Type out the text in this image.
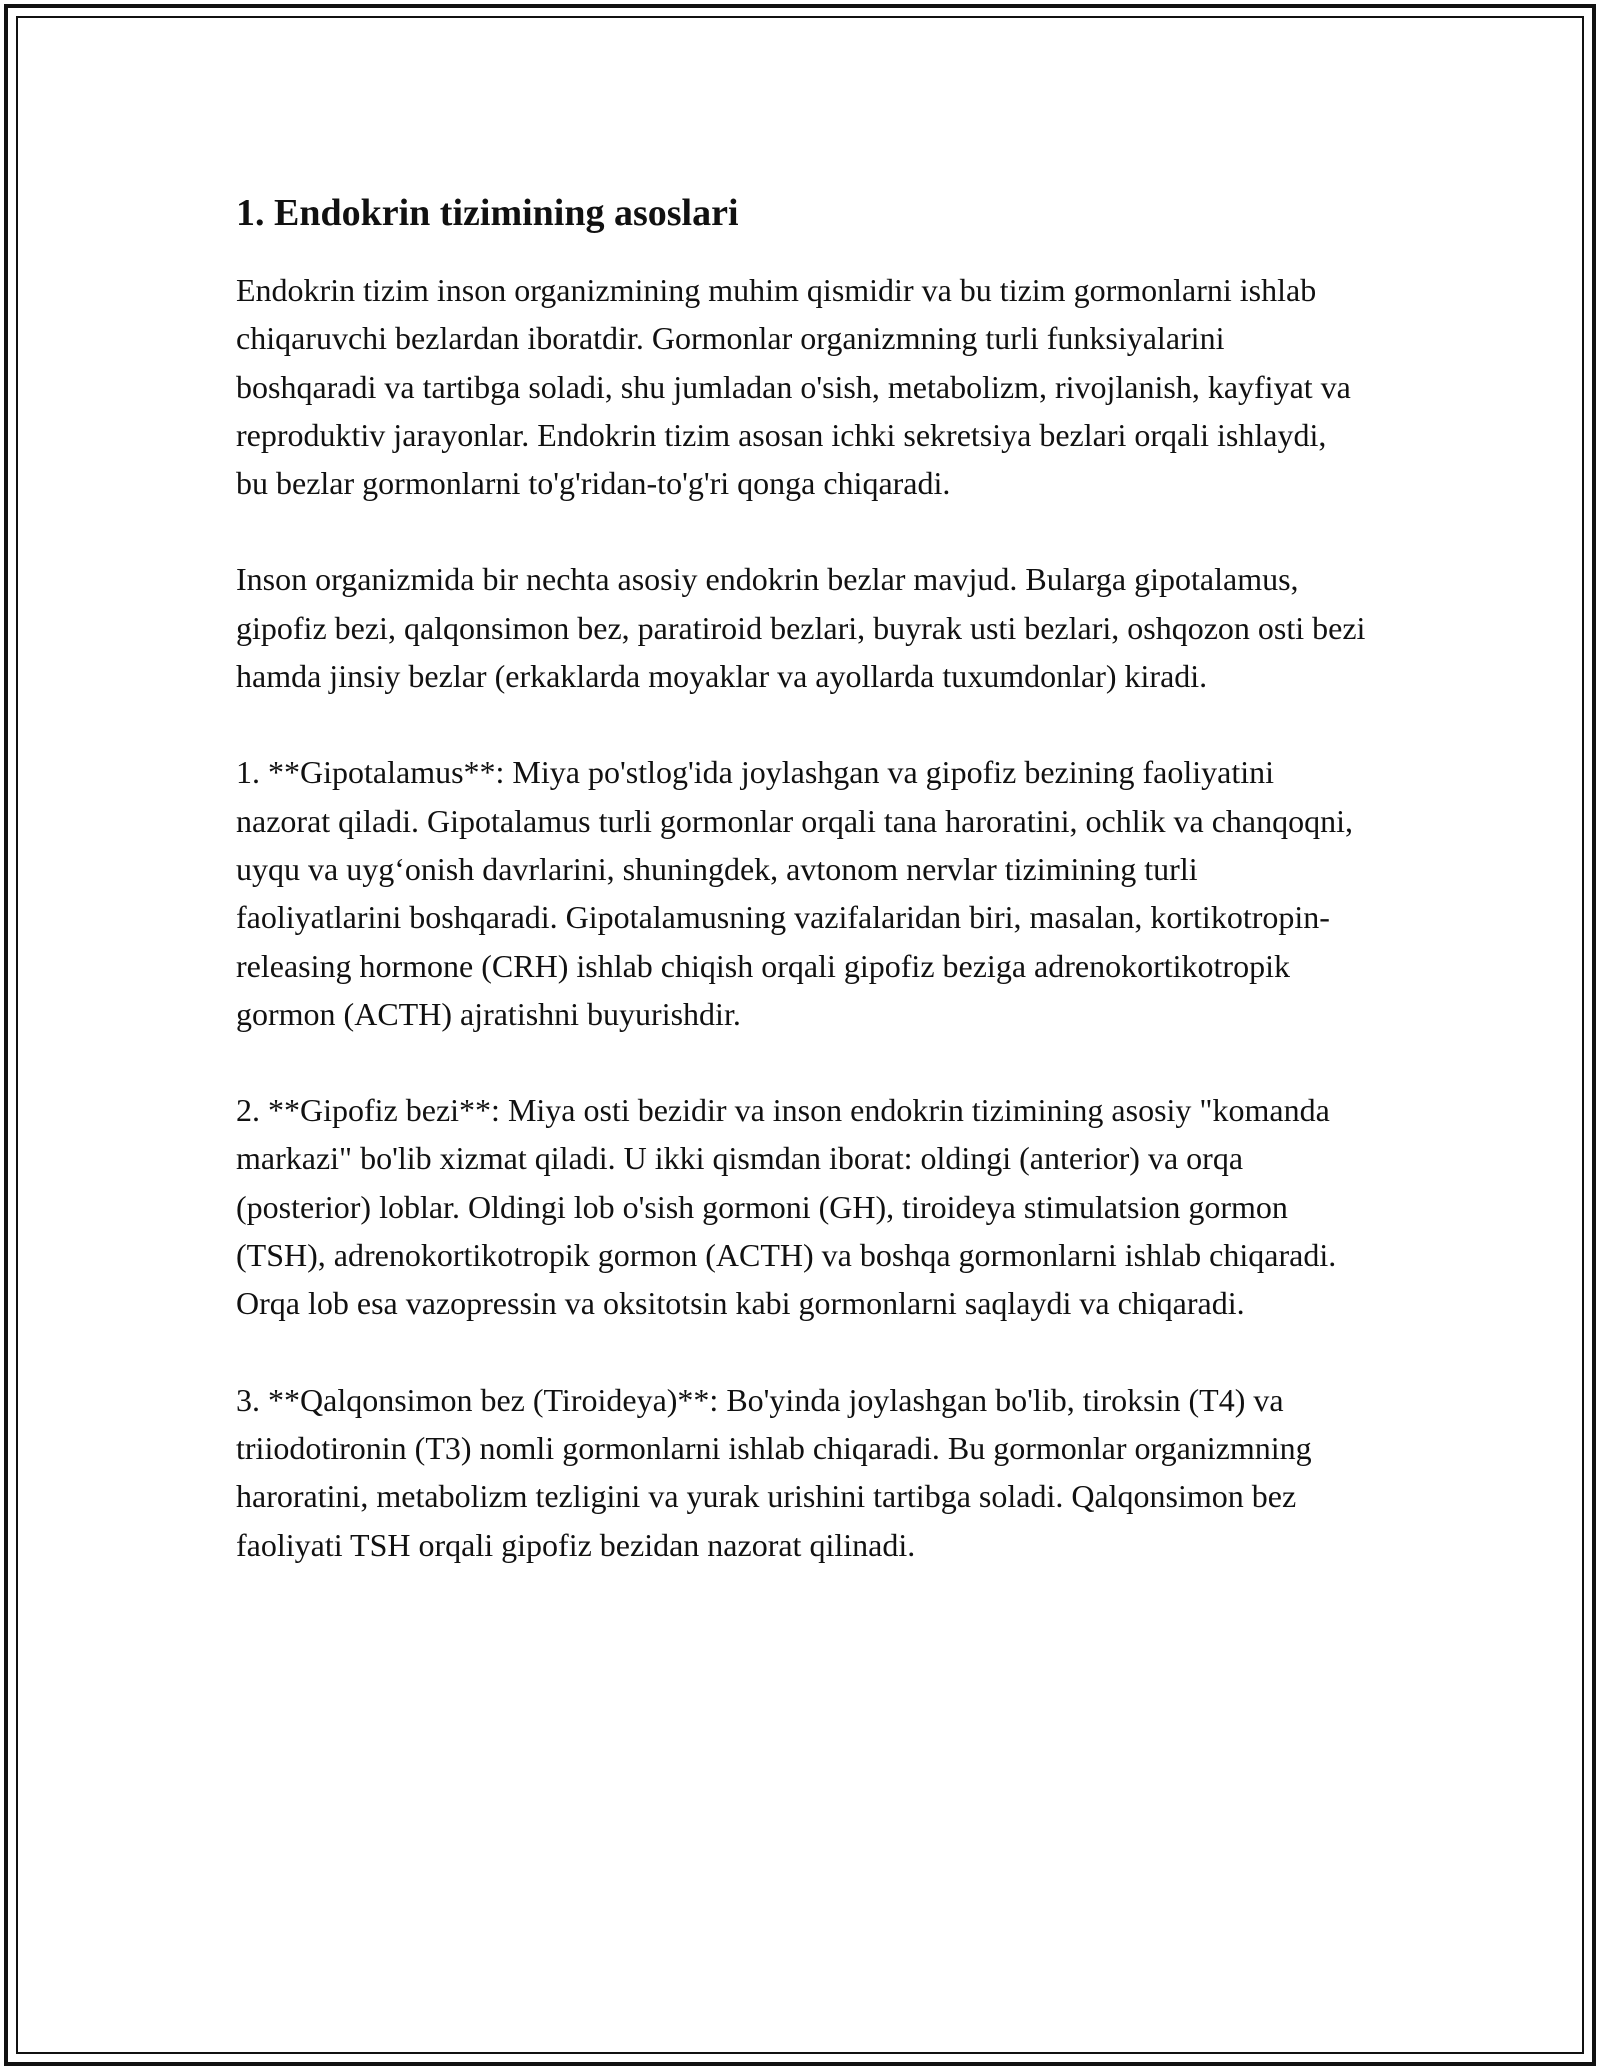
1. Endokrin tizimining asoslari

Endokrin tizim inson organizmining muhim qismidir va bu tizim gormonlarni ishlab chiqaruvchi bezlardan iboratdir. Gormonlar organizmning turli funksiyalarini boshqaradi va tartibga soladi, shu jumladan o'sish, metabolizm, rivojlanish, kayfiyat va reproduktiv jarayonlar. Endokrin tizim asosan ichki sekretsiya bezlari orqali ishlaydi, bu bezlar gormonlarni to'g'ridan-to'g'ri qonga chiqaradi.

Inson organizmida bir nechta asosiy endokrin bezlar mavjud. Bularga gipotalamus, gipofiz bezi, qalqonsimon bez, paratiroid bezlari, buyrak usti bezlari, oshqozon osti bezi hamda jinsiy bezlar (erkaklarda moyaklar va ayollarda tuxumdonlar) kiradi.

1. **Gipotalamus**: Miya po'stlog'ida joylashgan va gipofiz bezining faoliyatini nazorat qiladi. Gipotalamus turli gormonlar orqali tana haroratini, ochlik va chanqoqni, uyqu va uyg‘onish davrlarini, shuningdek, avtonom nervlar tizimining turli faoliyatlarini boshqaradi. Gipotalamusning vazifalaridan biri, masalan, kortikotropin-releasing hormone (CRH) ishlab chiqish orqali gipofiz beziga adrenokortikotropik gormon (ACTH) ajratishni buyurishdir.

2. **Gipofiz bezi**: Miya osti bezidir va inson endokrin tizimining asosiy "komanda markazi" bo'lib xizmat qiladi. U ikki qismdan iborat: oldingi (anterior) va orqa (posterior) loblar. Oldingi lob o'sish gormoni (GH), tiroideya stimulatsion gormon (TSH), adrenokortikotropik gormon (ACTH) va boshqa gormonlarni ishlab chiqaradi. Orqa lob esa vazopressin va oksitotsin kabi gormonlarni saqlaydi va chiqaradi.

3. **Qalqonsimon bez (Tiroideya)**: Bo'yinda joylashgan bo'lib, tiroksin (T4) va triiodotironin (T3) nomli gormonlarni ishlab chiqaradi. Bu gormonlar organizmning haroratini, metabolizm tezligini va yurak urishini tartibga soladi. Qalqonsimon bez faoliyati TSH orqali gipofiz bezidan nazorat qilinadi.
